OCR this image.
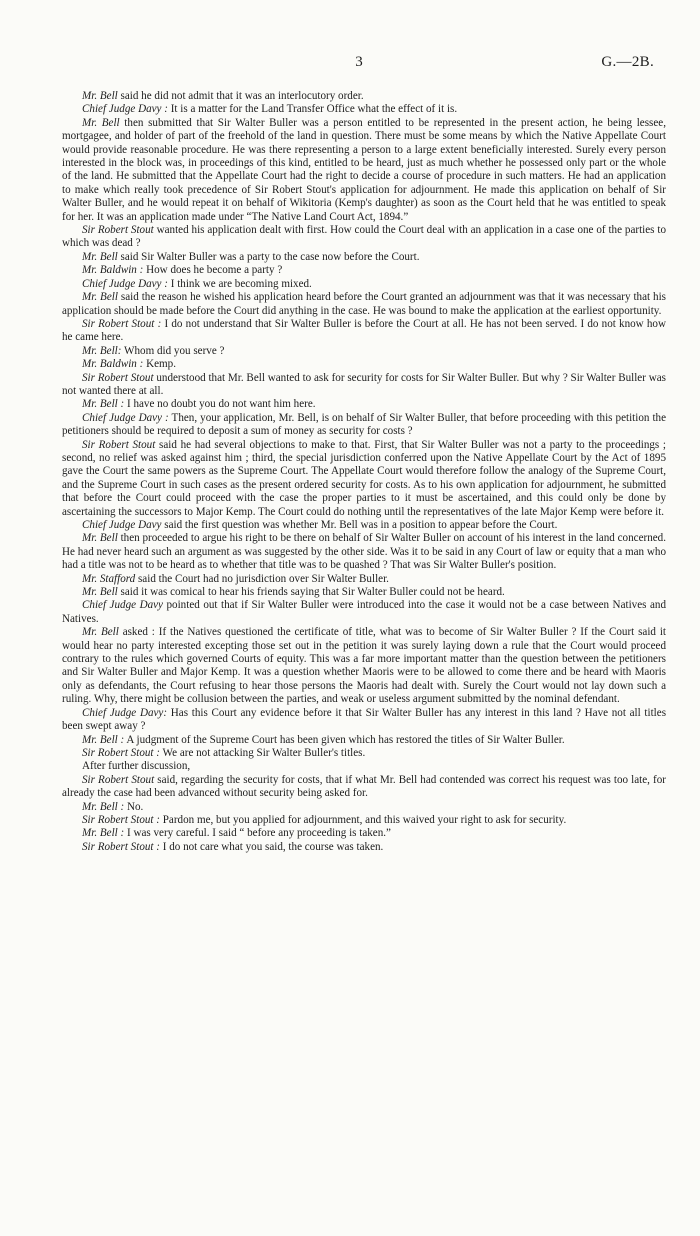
3	G.—2B.

Mr. Bell said he did not admit that it was an interlocutory order.

Chief Judge Davy : It is a matter for the Land Transfer Office what the effect of it is.

Mr. Bell then submitted that Sir Walter Buller was a person entitled to be represented in the present action, he being lessee, mortgagee, and holder of part of the freehold of the land in question. There must be some means by which the Native Appellate Court would provide reasonable procedure. He was there representing a person to a large extent beneficially interested. Surely every person interested in the block was, in proceedings of this kind, entitled to be heard, just as much whether he possessed only part or the whole of the land. He submitted that the Appellate Court had the right to decide a course of procedure in such matters. He had an application to make which really took precedence of Sir Robert Stout's application for adjournment. He made this application on behalf of Sir Walter Buller, and he would repeat it on behalf of Wikitoria (Kemp's daughter) as soon as the Court held that he was entitled to speak for her. It was an application made under “The Native Land Court Act, 1894.”

Sir Robert Stout wanted his application dealt with first. How could the Court deal with an application in a case one of the parties to which was dead ?

Mr. Bell said Sir Walter Buller was a party to the case now before the Court.

Mr. Baldwin : How does he become a party ?

Chief Judge Davy : I think we are becoming mixed.

Mr. Bell said the reason he wished his application heard before the Court granted an adjournment was that it was necessary that his application should be made before the Court did anything in the case. He was bound to make the application at the earliest opportunity.

Sir Robert Stout : I do not understand that Sir Walter Buller is before the Court at all. He has not been served. I do not know how he came here.

Mr. Bell: Whom did you serve ?

Mr. Baldwin : Kemp.

Sir Robert Stout understood that Mr. Bell wanted to ask for security for costs for Sir Walter Buller. But why ? Sir Walter Buller was not wanted there at all.

Mr. Bell : I have no doubt you do not want him here.

Chief Judge Davy : Then, your application, Mr. Bell, is on behalf of Sir Walter Buller, that before proceeding with this petition the petitioners should be required to deposit a sum of money as security for costs ?

Sir Robert Stout said he had several objections to make to that. First, that Sir Walter Buller was not a party to the proceedings ; second, no relief was asked against him ; third, the special jurisdiction conferred upon the Native Appellate Court by the Act of 1895 gave the Court the same powers as the Supreme Court. The Appellate Court would therefore follow the analogy of the Supreme Court, and the Supreme Court in such cases as the present ordered security for costs. As to his own application for adjournment, he submitted that before the Court could proceed with the case the proper parties to it must be ascertained, and this could only be done by ascertaining the successors to Major Kemp. The Court could do nothing until the representatives of the late Major Kemp were before it.

Chief Judge Davy said the first question was whether Mr. Bell was in a position to appear before the Court.

Mr. Bell then proceeded to argue his right to be there on behalf of Sir Walter Buller on account of his interest in the land concerned. He had never heard such an argument as was suggested by the other side. Was it to be said in any Court of law or equity that a man who had a title was not to be heard as to whether that title was to be quashed ? That was Sir Walter Buller's position.

Mr. Stafford said the Court had no jurisdiction over Sir Walter Buller.

Mr. Bell said it was comical to hear his friends saying that Sir Walter Buller could not be heard.

Chief Judge Davy pointed out that if Sir Walter Buller were introduced into the case it would not be a case between Natives and Natives.

Mr. Bell asked : If the Natives questioned the certificate of title, what was to become of Sir Walter Buller ? If the Court said it would hear no party interested excepting those set out in the petition it was surely laying down a rule that the Court would proceed contrary to the rules which governed Courts of equity. This was a far more important matter than the question between the petitioners and Sir Walter Buller and Major Kemp. It was a question whether Maoris were to be allowed to come there and be heard with Maoris only as defendants, the Court refusing to hear those persons the Maoris had dealt with. Surely the Court would not lay down such a ruling. Why, there might be collusion between the parties, and weak or useless argument submitted by the nominal defendant.

Chief Judge Davy: Has this Court any evidence before it that Sir Walter Buller has any interest in this land ? Have not all titles been swept away ?

Mr. Bell : A judgment of the Supreme Court has been given which has restored the titles of Sir Walter Buller.

Sir Robert Stout : We are not attacking Sir Walter Buller's titles.

After further discussion,

Sir Robert Stout said, regarding the security for costs, that if what Mr. Bell had contended was correct his request was too late, for already the case had been advanced without security being asked for.

Mr. Bell : No.

Sir Robert Stout : Pardon me, but you applied for adjournment, and this waived your right to ask for security.

Mr. Bell : I was very careful. I said “ before any proceeding is taken.”

Sir Robert Stout : I do not care what you said, the course was taken.
